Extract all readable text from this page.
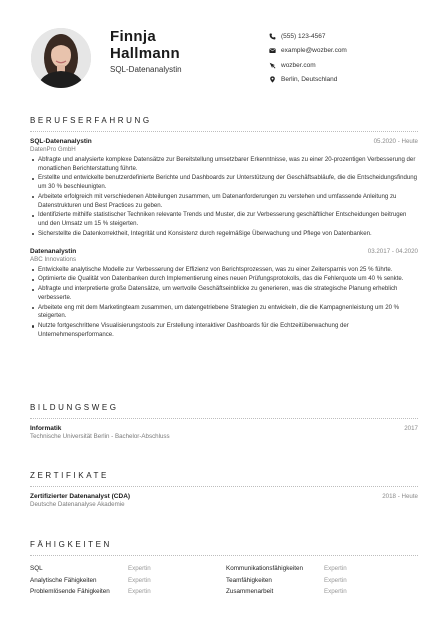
Finnja
Hallmann
SQL-Datenanalystin
(555) 123-4567
example@wozber.com
wozber.com
Berlin, Deutschland
BERUFSERFAHRUNG
SQL-Datenanalystin	05.2020 - Heute
DatenPro GmbH
Abfragte und analysierte komplexe Datensätze zur Bereitstellung umsetzbarer Erkenntnisse, was zu einer 20-prozentigen Verbesserung der monatlichen Berichterstattung führte.
Erstellte und entwickelte benutzerdefinierte Berichte und Dashboards zur Unterstützung der Geschäftsabläufe, die die Entscheidungsfindung um 30 % beschleunigten.
Arbeitete erfolgreich mit verschiedenen Abteilungen zusammen, um Datenanforderungen zu verstehen und umfassende Anleitung zu Datenstrukturen und Best Practices zu geben.
Identifizierte mithilfe statistischer Techniken relevante Trends und Muster, die zur Verbesserung geschäftlicher Entscheidungen beitrugen und den Umsatz um 15 % steigerten.
Sicherstellte die Datenkorrektheit, Integrität und Konsistenz durch regelmäßige Überwachung und Pflege von Datenbanken.
Datenanalystin	03.2017 - 04.2020
ABC Innovations
Entwickelte analytische Modelle zur Verbesserung der Effizienz von Berichtsprozessen, was zu einer Zeitersparnis von 25 % führte.
Optimierte die Qualität von Datenbanken durch Implementierung eines neuen Prüfungsprotokolls, das die Fehlerquote um 40 % senkte.
Abfragte und interpretierte große Datensätze, um wertvolle Geschäftseinblicke zu generieren, was die strategische Planung erheblich verbesserte.
Arbeitete eng mit dem Marketingteam zusammen, um datengetriebene Strategien zu entwickeln, die die Kampagnenleistung um 20 % steigerten.
Nutzte fortgeschrittene Visualisierungstools zur Erstellung interaktiver Dashboards für die Echtzeitüberwachung der Unternehmensperformance.
BILDUNGSWEG
Informatik	2017
Technische Universität Berlin - Bachelor-Abschluss
ZERTIFIKATE
Zertifizierter Datenanalyst (CDA)	2018 - Heute
Deutsche Datenanalyse Akademie
FÄHIGKEITEN
SQL	Expertin	Kommunikationsfähigkeiten	Expertin
Analytische Fähigkeiten	Expertin	Teamfähigkeiten	Expertin
Problemlösende Fähigkeiten	Expertin	Zusammenarbeit	Expertin
